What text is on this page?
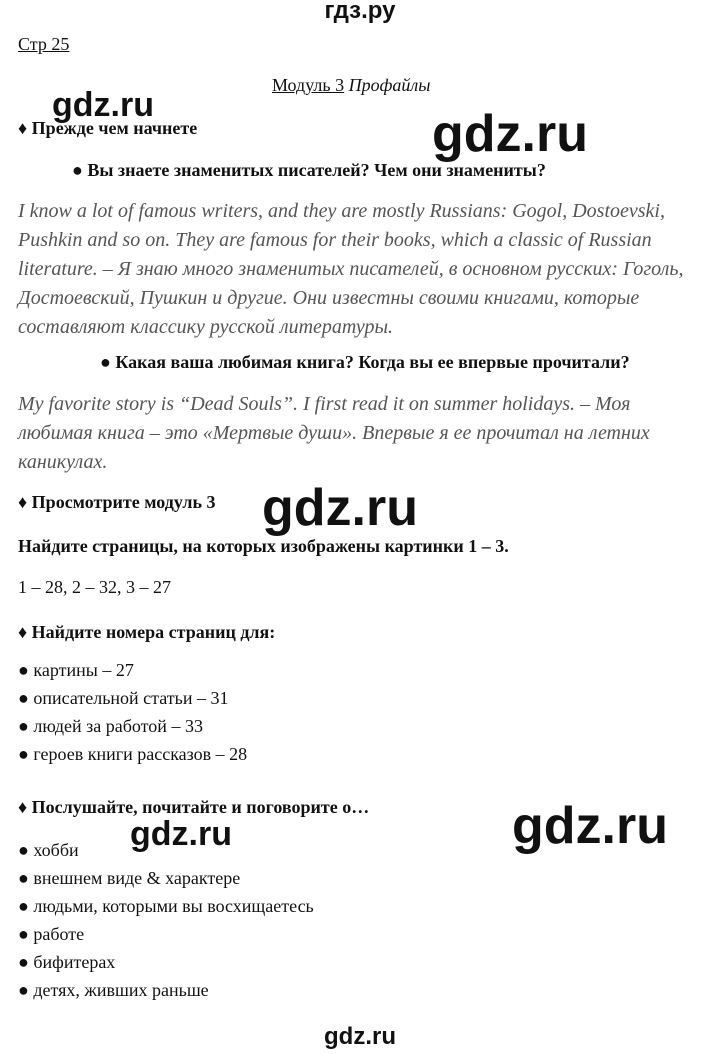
гдз.ру
gdz.ru	gdz.ru
gdz.ru
gdz.ru	gdz.ru
Стр 25
Модуль 3 Профайлы
♦ Прежде чем начнете
● Вы знаете знаменитых писателей? Чем они знамениты?
I know a lot of famous writers, and they are mostly Russians: Gogol, Dostoevski, Pushkin and so on. They are famous for their books, which a classic of Russian literature. – Я знаю много знаменитых писателей, в основном русских: Гоголь, Достоевский, Пушкин и другие. Они известны своими книгами, которые составляют классику русской литературы.
● Какая ваша любимая книга? Когда вы ее впервые прочитали?
My favorite story is “Dead Souls”. I first read it on summer holidays. – Моя любимая книга – это «Мертвые души». Впервые я ее прочитал на летних каникулах.
♦ Просмотрите модуль 3
Найдите страницы, на которых изображены картинки 1 – 3.
1 – 28, 2 – 32, 3 – 27
♦ Найдите номера страниц для:
● картины – 27
● описательной статьи – 31
● людей за работой – 33
● героев книги рассказов – 28
♦ Послушайте, почитайте и поговорите о…
● хобби
● внешнем виде & характере
● людьми, которыми вы восхищаетесь
● работе
● бифитерах
● детях, живших раньше
gdz.ru
